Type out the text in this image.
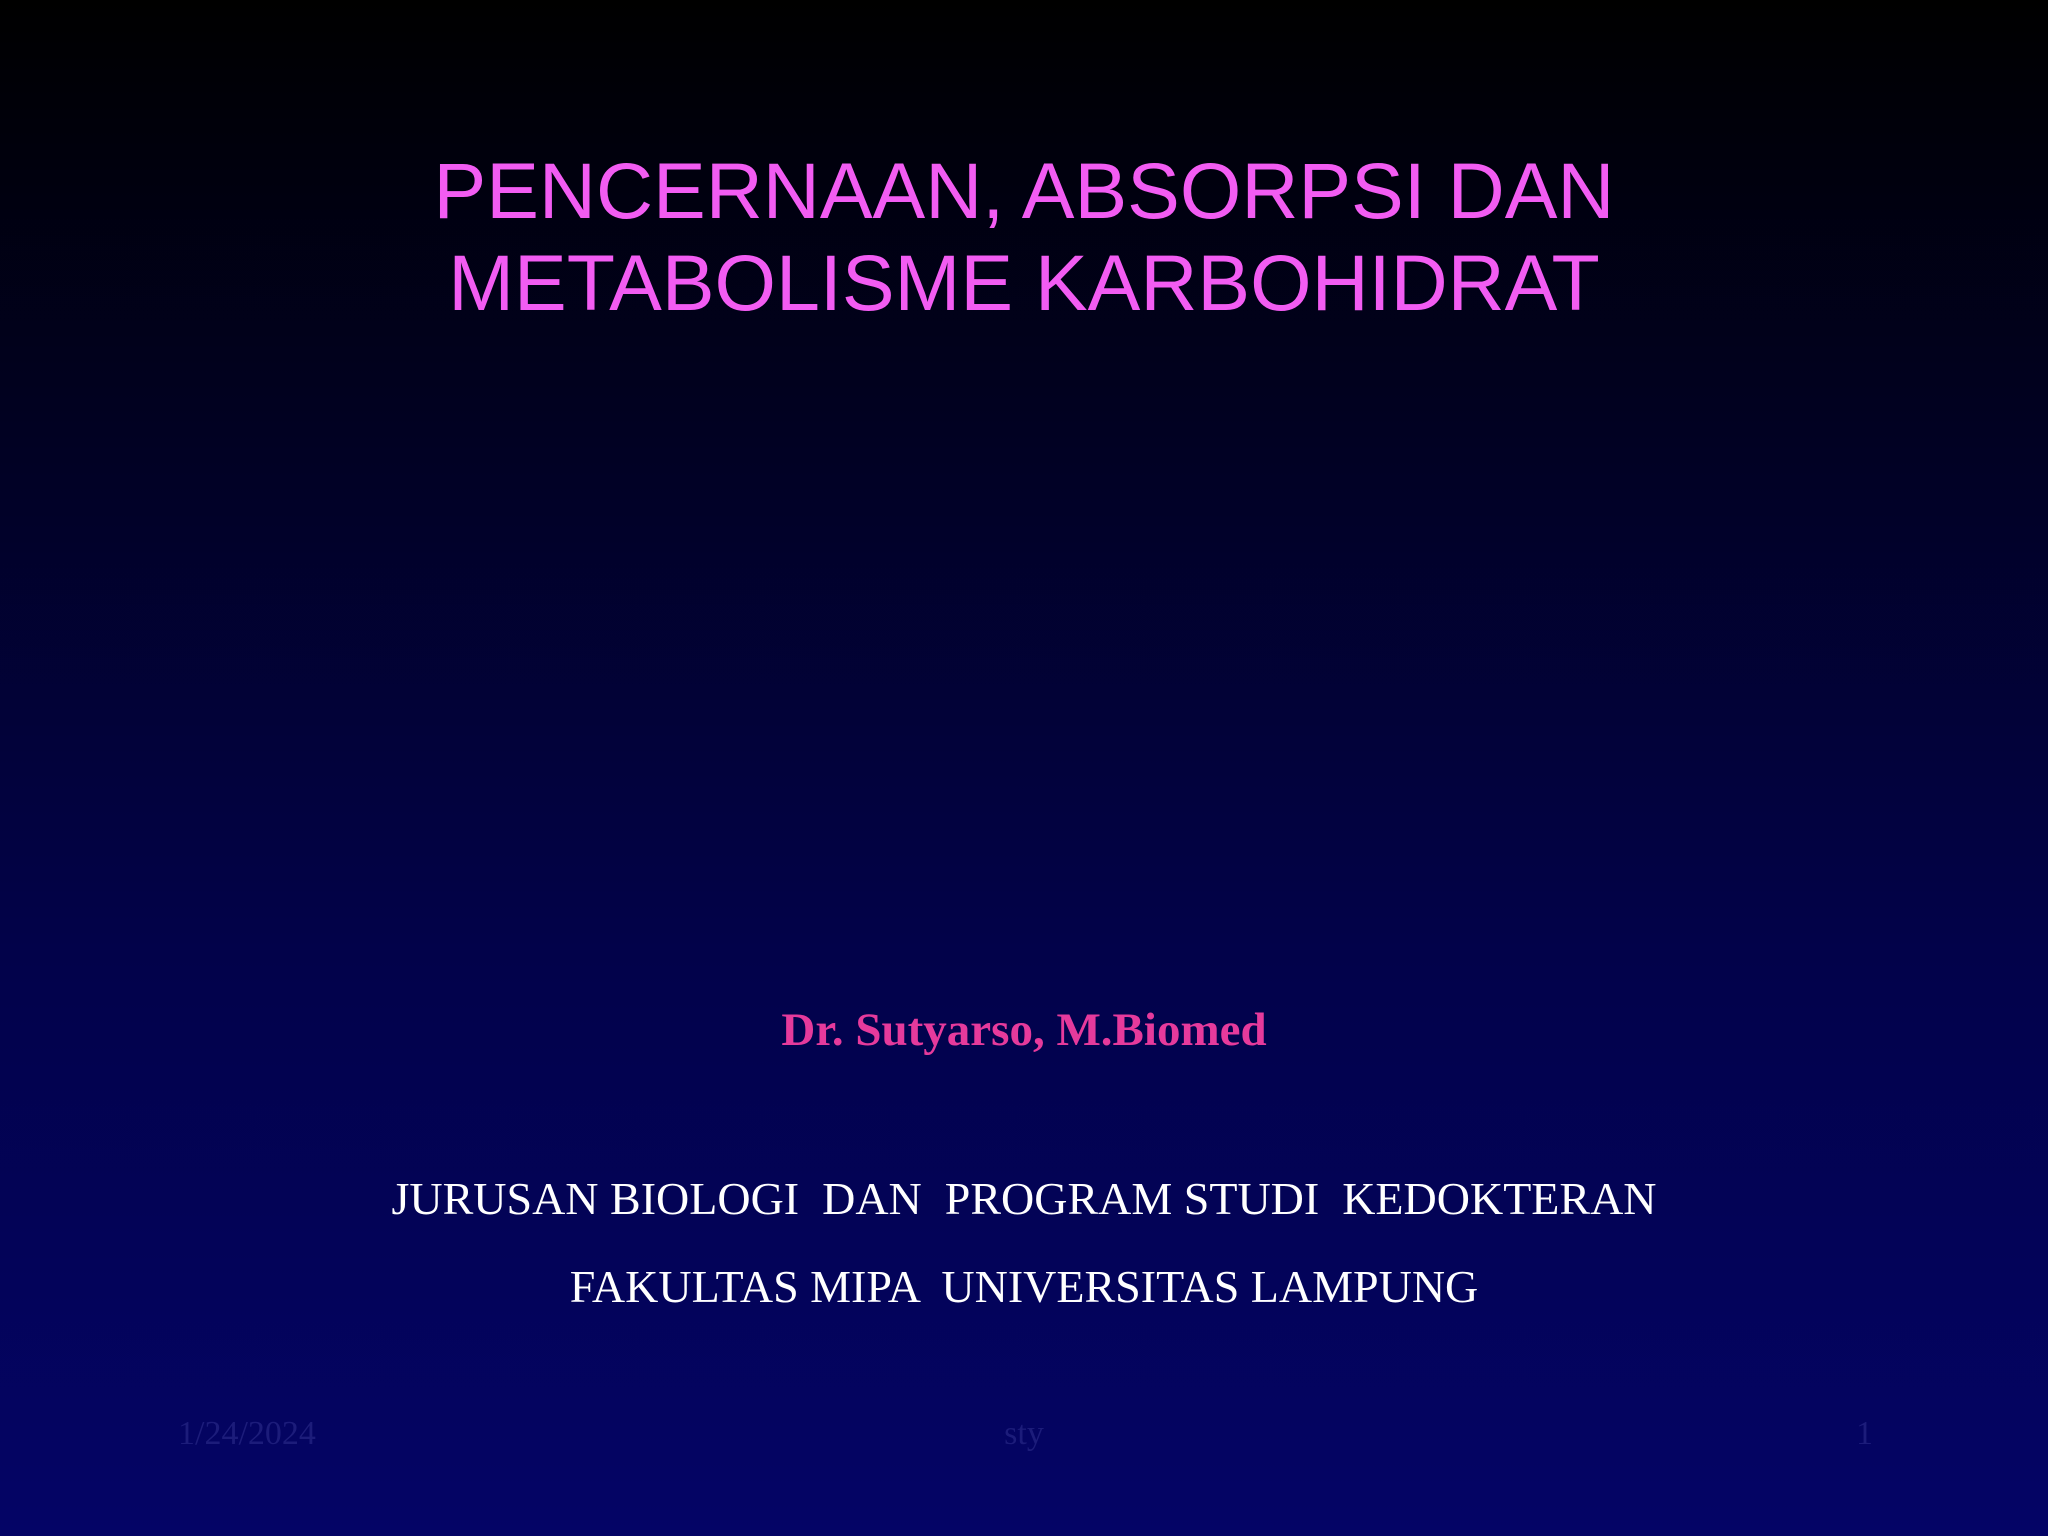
PENCERNAAN, ABSORPSI DAN
METABOLISME KARBOHIDRAT
Dr. Sutyarso, M.Biomed
JURUSAN BIOLOGI  DAN  PROGRAM STUDI  KEDOKTERAN
FAKULTAS MIPA  UNIVERSITAS LAMPUNG
1/24/2024	sty	1
